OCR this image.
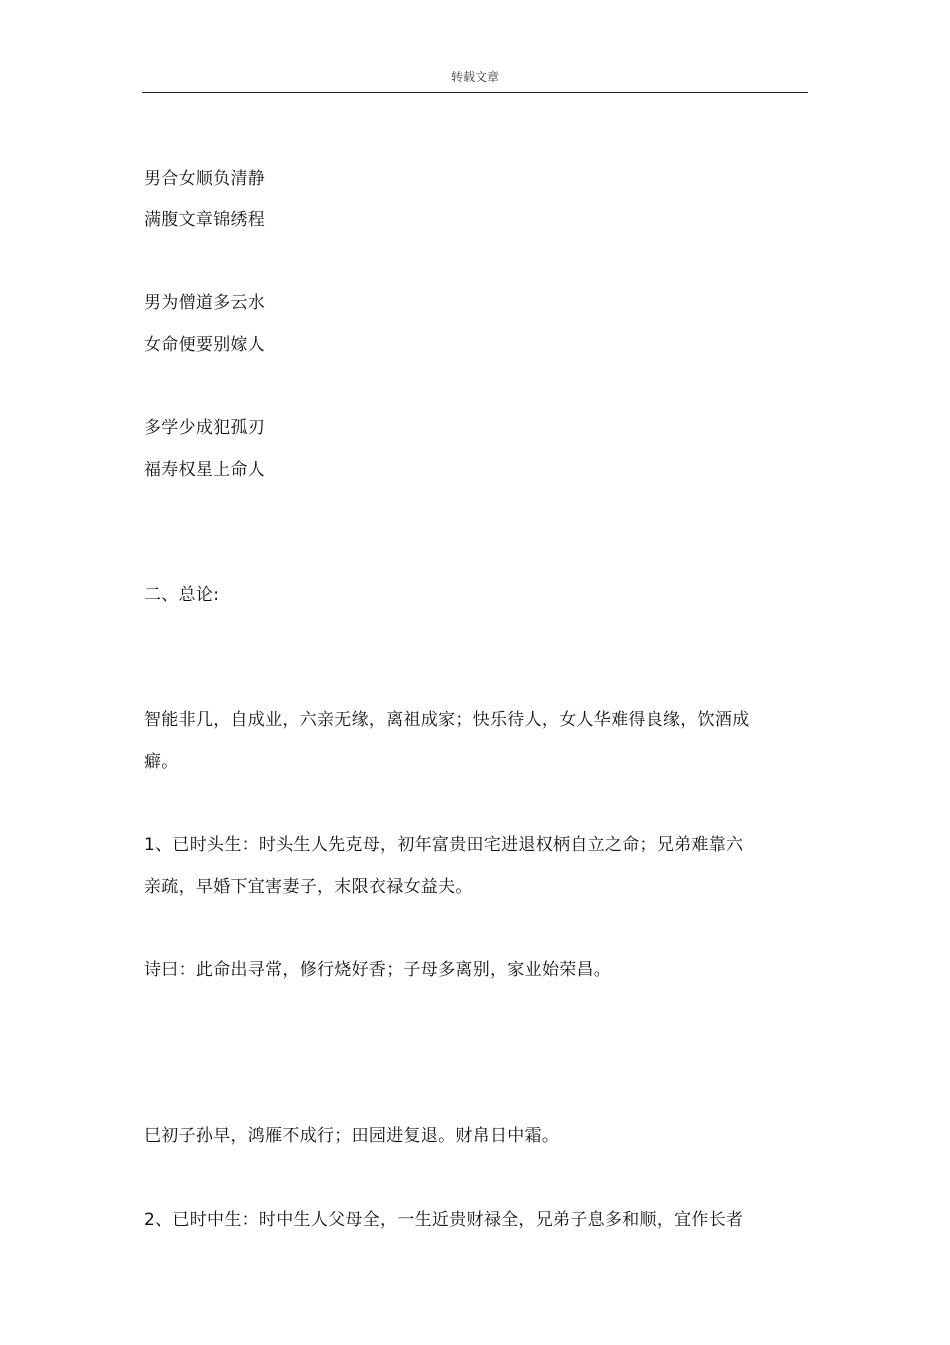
转载文章
男合女顺负清静
满腹文章锦绣程
男为僧道多云水
女命便要别嫁人
多学少成犯孤刃
福寿权星上命人
二、总论:
智能非几，自成业，六亲无缘，离祖成家；快乐待人，女人华难得良缘，饮酒成
癖。
1、已时头生：时头生人先克母，初年富贵田宅进退权柄自立之命；兄弟难靠六
亲疏，早婚下宜害妻子，末限衣禄女益夫。
诗曰：此命出寻常，修行烧好香；子母多离别，家业始荣昌。
巳初子孙早，鸿雁不成行；田园进复退。财帛日中霜。
2、已时中生：时中生人父母全，一生近贵财禄全，兄弟子息多和顺，宜作长者
